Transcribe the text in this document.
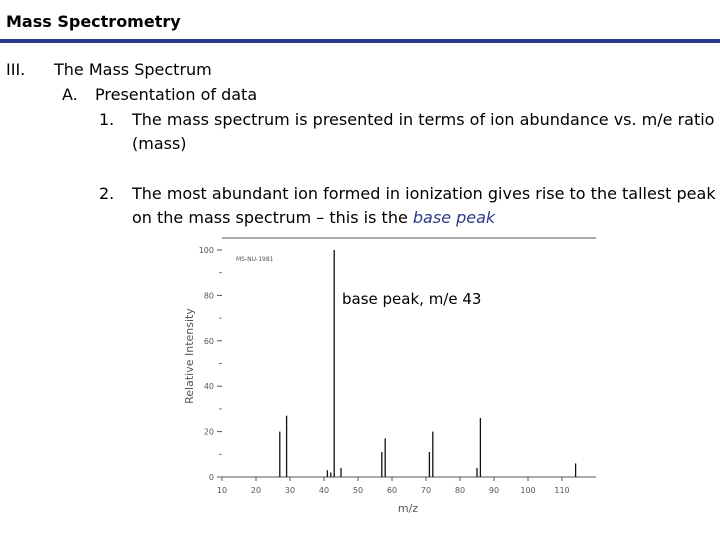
Mass Spectrometry
III. The Mass Spectrum
A. Presentation of data
1. The mass spectrum is presented in terms of ion abundance vs. m/e ratio
(mass)
2. The most abundant ion formed in ionization gives rise to the tallest peak
on the mass spectrum – this is the base peak
0
20
40
60
80
100
10	20	30	40	50	60	70	80	90	100 110
m/z
Relative Intensity
MS-NU-1981
base peak, m/e 43
